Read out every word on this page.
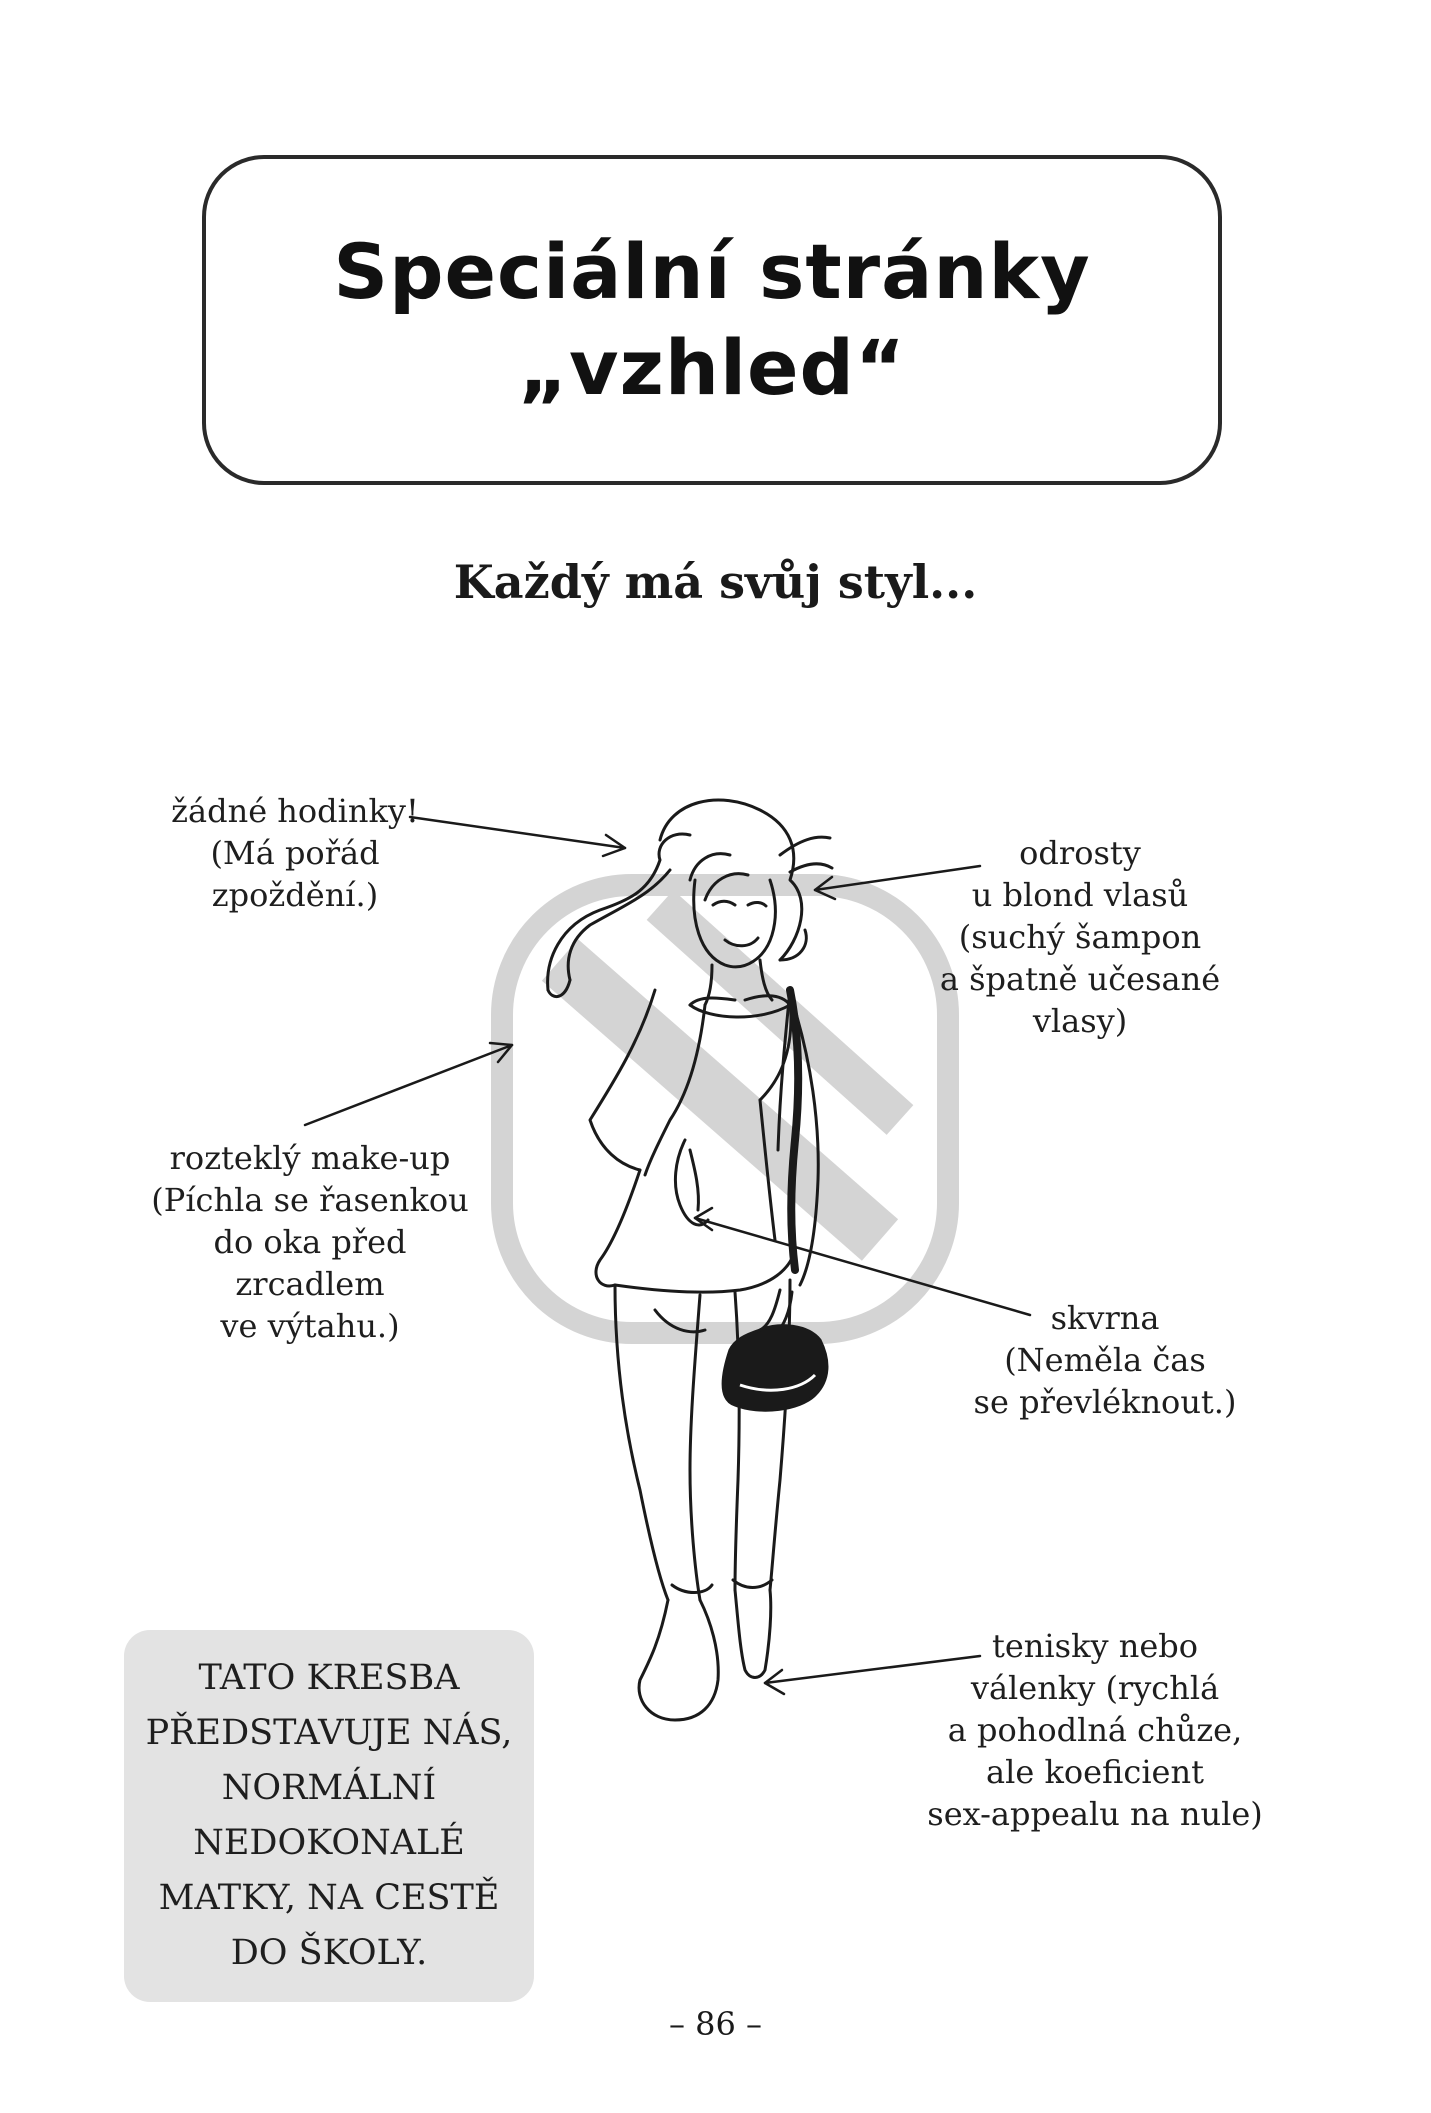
Speciální stránky
„vzhled“
Každý má svůj styl...
žádné hodinky!
(Má pořád
zpoždění.)
odrosty
u blond vlasů
(suchý šampon
a špatně učesané
vlasy)
rozteklý make-up
(Píchla se řasenkou
do oka před
zrcadlem
ve výtahu.)	skvrna
(Neměla čas
se převléknout.)
tenisky nebo
válenky (rychlá
a pohodlná chůze,
ale koeficient
sex-appealu na nule)
TATO KRESBA
PŘEDSTAVUJE NÁS,
NORMÁLNÍ
NEDOKONALÉ
MATKY, NA CESTĚ
DO ŠKOLY.
– 86 –
